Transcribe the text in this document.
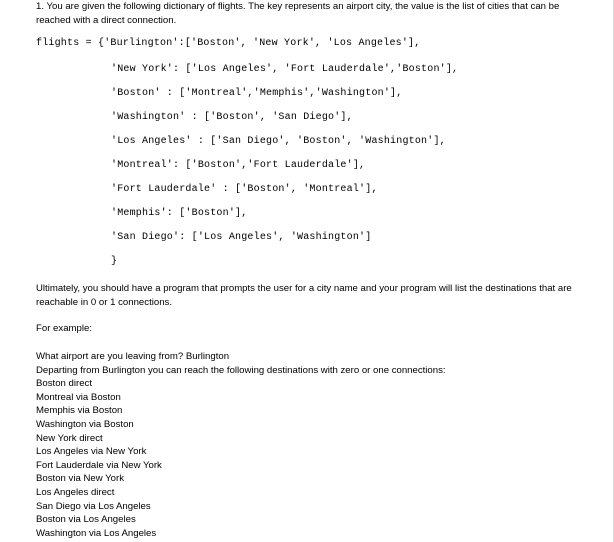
1. You are given the following dictionary of flights. The key represents an airport city, the value is the list of cities that can be reached with a direct connection.
flights = {'Burlington':['Boston', 'New York', 'Los Angeles'],
'New York': ['Los Angeles', 'Fort Lauderdale','Boston'],
'Boston' : ['Montreal','Memphis','Washington'],
'Washington' : ['Boston', 'San Diego'],
'Los Angeles' : ['San Diego', 'Boston', 'Washington'],
'Montreal': ['Boston','Fort Lauderdale'],
'Fort Lauderdale' : ['Boston', 'Montreal'],
'Memphis': ['Boston'],
'San Diego': ['Los Angeles', 'Washington']
}
Ultimately, you should have a program that prompts the user for a city name and your program will list the destinations that are reachable in 0 or 1 connections.
For example:
What airport are you leaving from? Burlington
Departing from Burlington you can reach the following destinations with zero or one connections:
Boston direct
Montreal via Boston
Memphis via Boston
Washington via Boston
New York direct
Los Angeles via New York
Fort Lauderdale via New York
Boston via New York
Los Angeles direct
San Diego via Los Angeles
Boston via Los Angeles
Washington via Los Angeles
